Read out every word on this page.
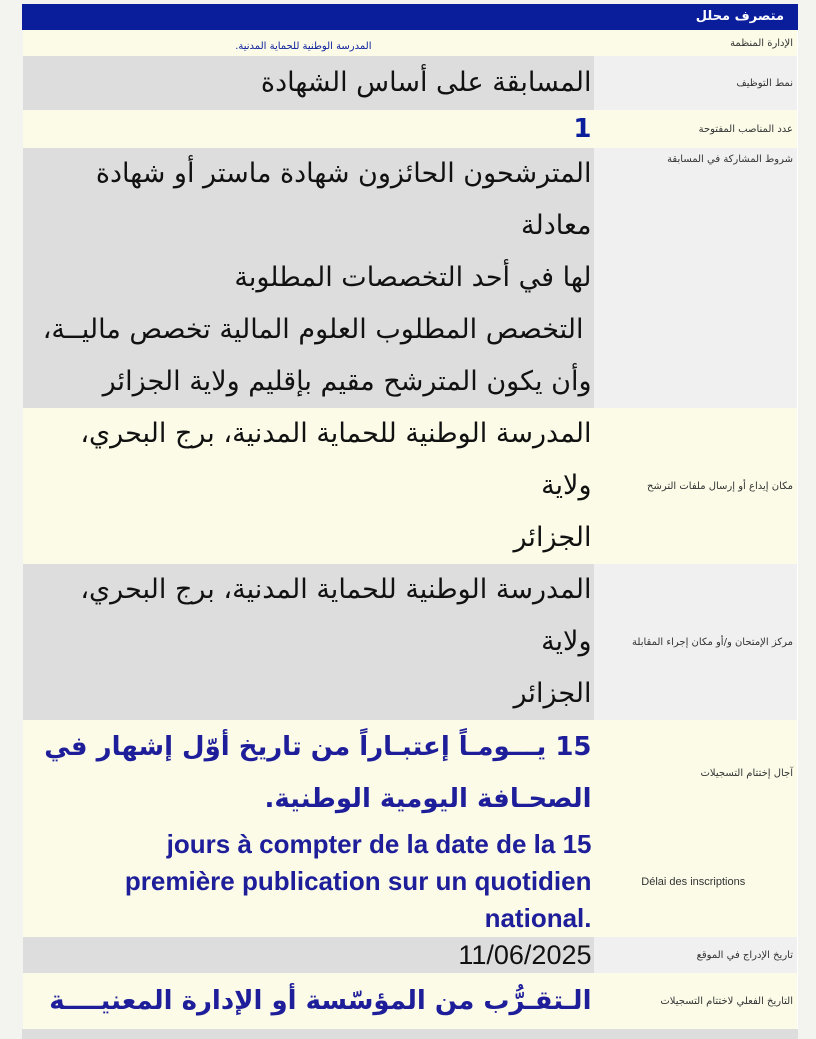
متصرف محلل
الإدارة المنظمة	المدرسة الوطنية للحماية المدنية.
نمط التوظيف	المسابقة على أساس الشهادة
عدد المناصب المفتوحة	1
شروط المشاركة في المسابقة	المترشحون الحائزون شهادة ماستر أو شهادة معادلة
لها في أحد التخصصات المطلوبة
التخصص المطلوب العلوم المالية تخصص ماليــة،
وأن يكون المترشح مقيم بإقليم ولاية الجزائر

مكان إيداع أو إرسال ملفات الترشح	المدرسة الوطنية للحماية المدنية، برج البحري، ولاية
الجزائر

مركز الإمتحان و/أو مكان إجراء المقابلة	المدرسة الوطنية للحماية المدنية، برج البحري، ولاية
الجزائر

آجال إختتام التسجيلات	15 يـــومـاً إعتبـاراً من تاريخ أوّل إشهار في
الصحـافة اليومية الوطنية.

Délai des inscriptions	jours à compter de la date de la 15
première publication sur un quotidien
.national

تاريخ الإدراج في الموقع	11/06/2025
التاريخ الفعلي لاختتام التسجيلات	الـتقـرُّب من المؤسّسة أو الإدارة المعنيــــة
